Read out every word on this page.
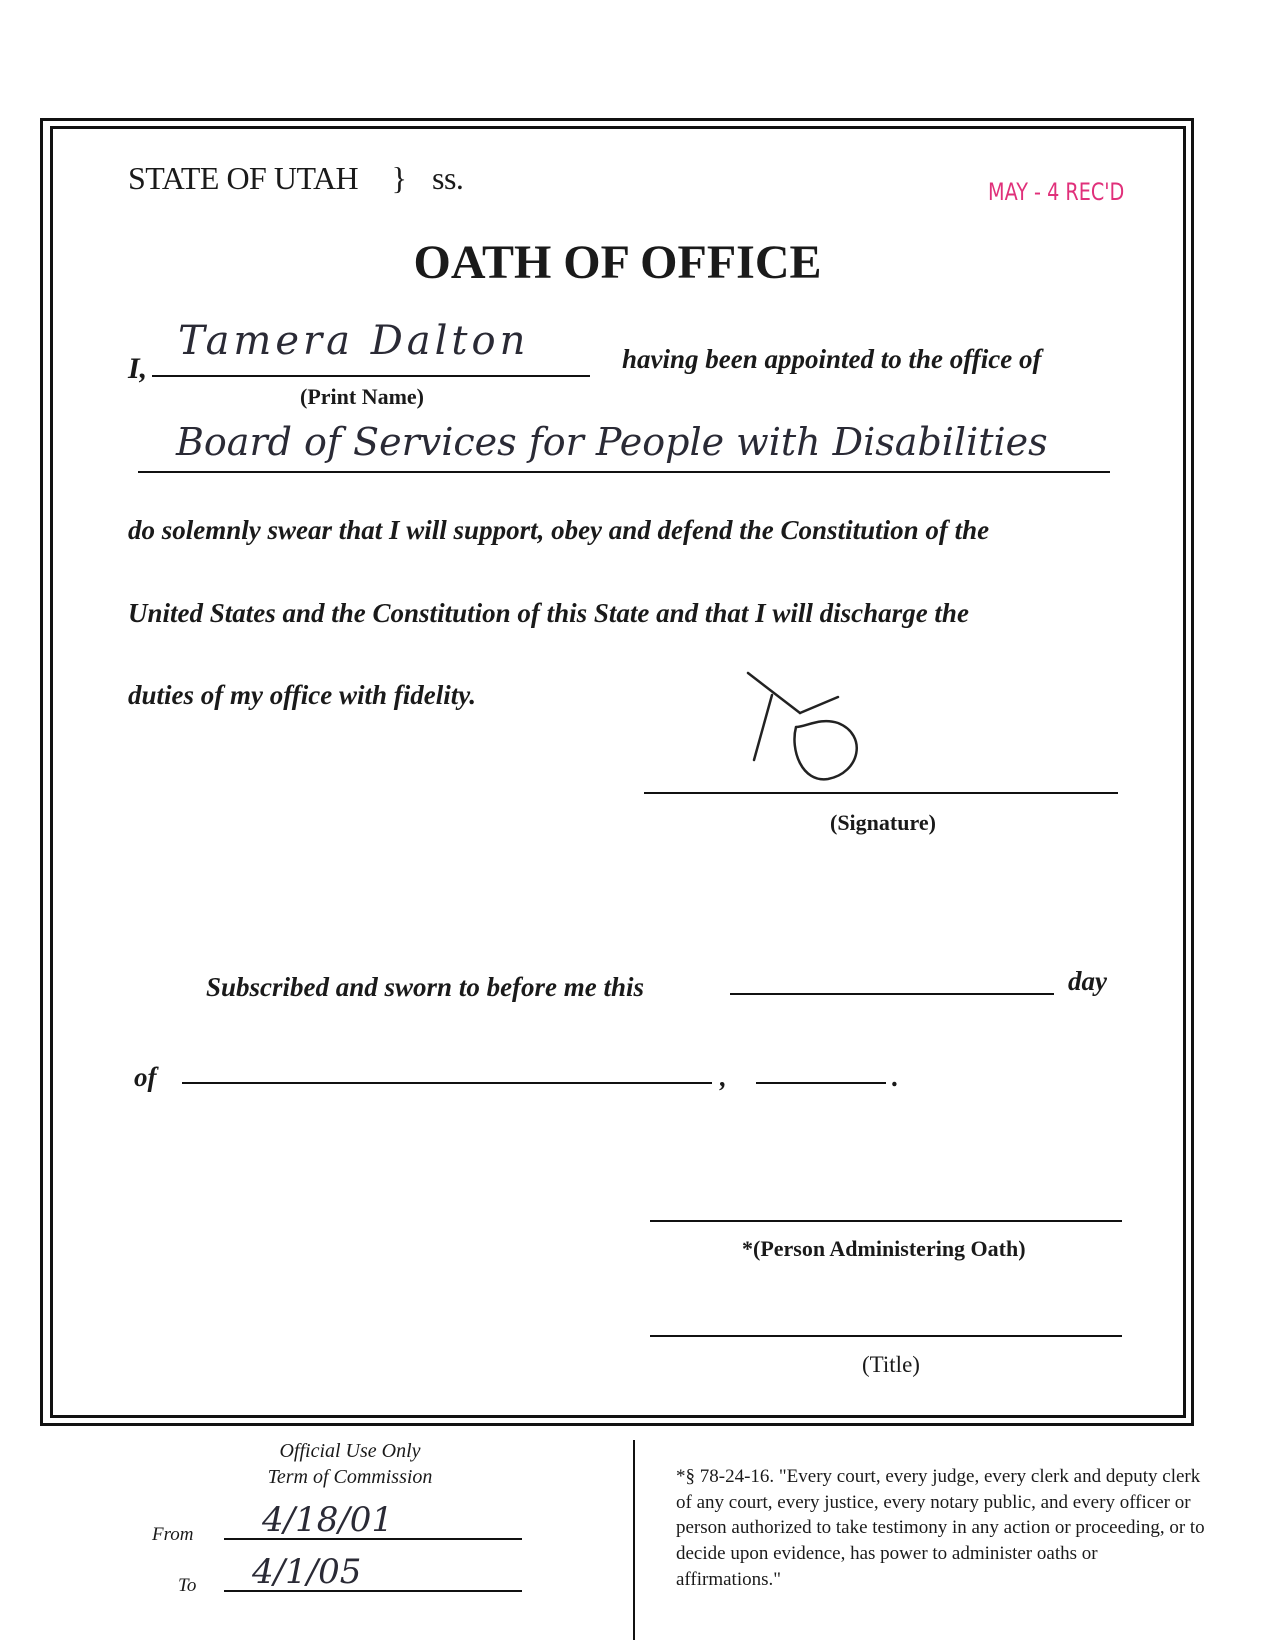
STATE OF UTAH } ss.	MAY - 4 REC'D
OATH OF OFFICE
I,
Tamera Dalton
(Print Name)
having been appointed to the office of
Board of Services for People with Disabilities
do solemnly swear that I will support, obey and defend the Constitution of the
United States and the Constitution of this State and that I will discharge the
duties of my office with fidelity.
(Signature)
Subscribed and sworn to before me this	day
of	,	.
*(Person Administering Oath)
(Title)
Official Use Only
Term of Commission
From 4/18/01
To 4/1/05
*§ 78-24-16. "Every court, every judge, every clerk and deputy clerk of any court, every justice, every notary public, and every officer or person authorized to take testimony in any action or proceeding, or to decide upon evidence, has power to administer oaths or affirmations."
